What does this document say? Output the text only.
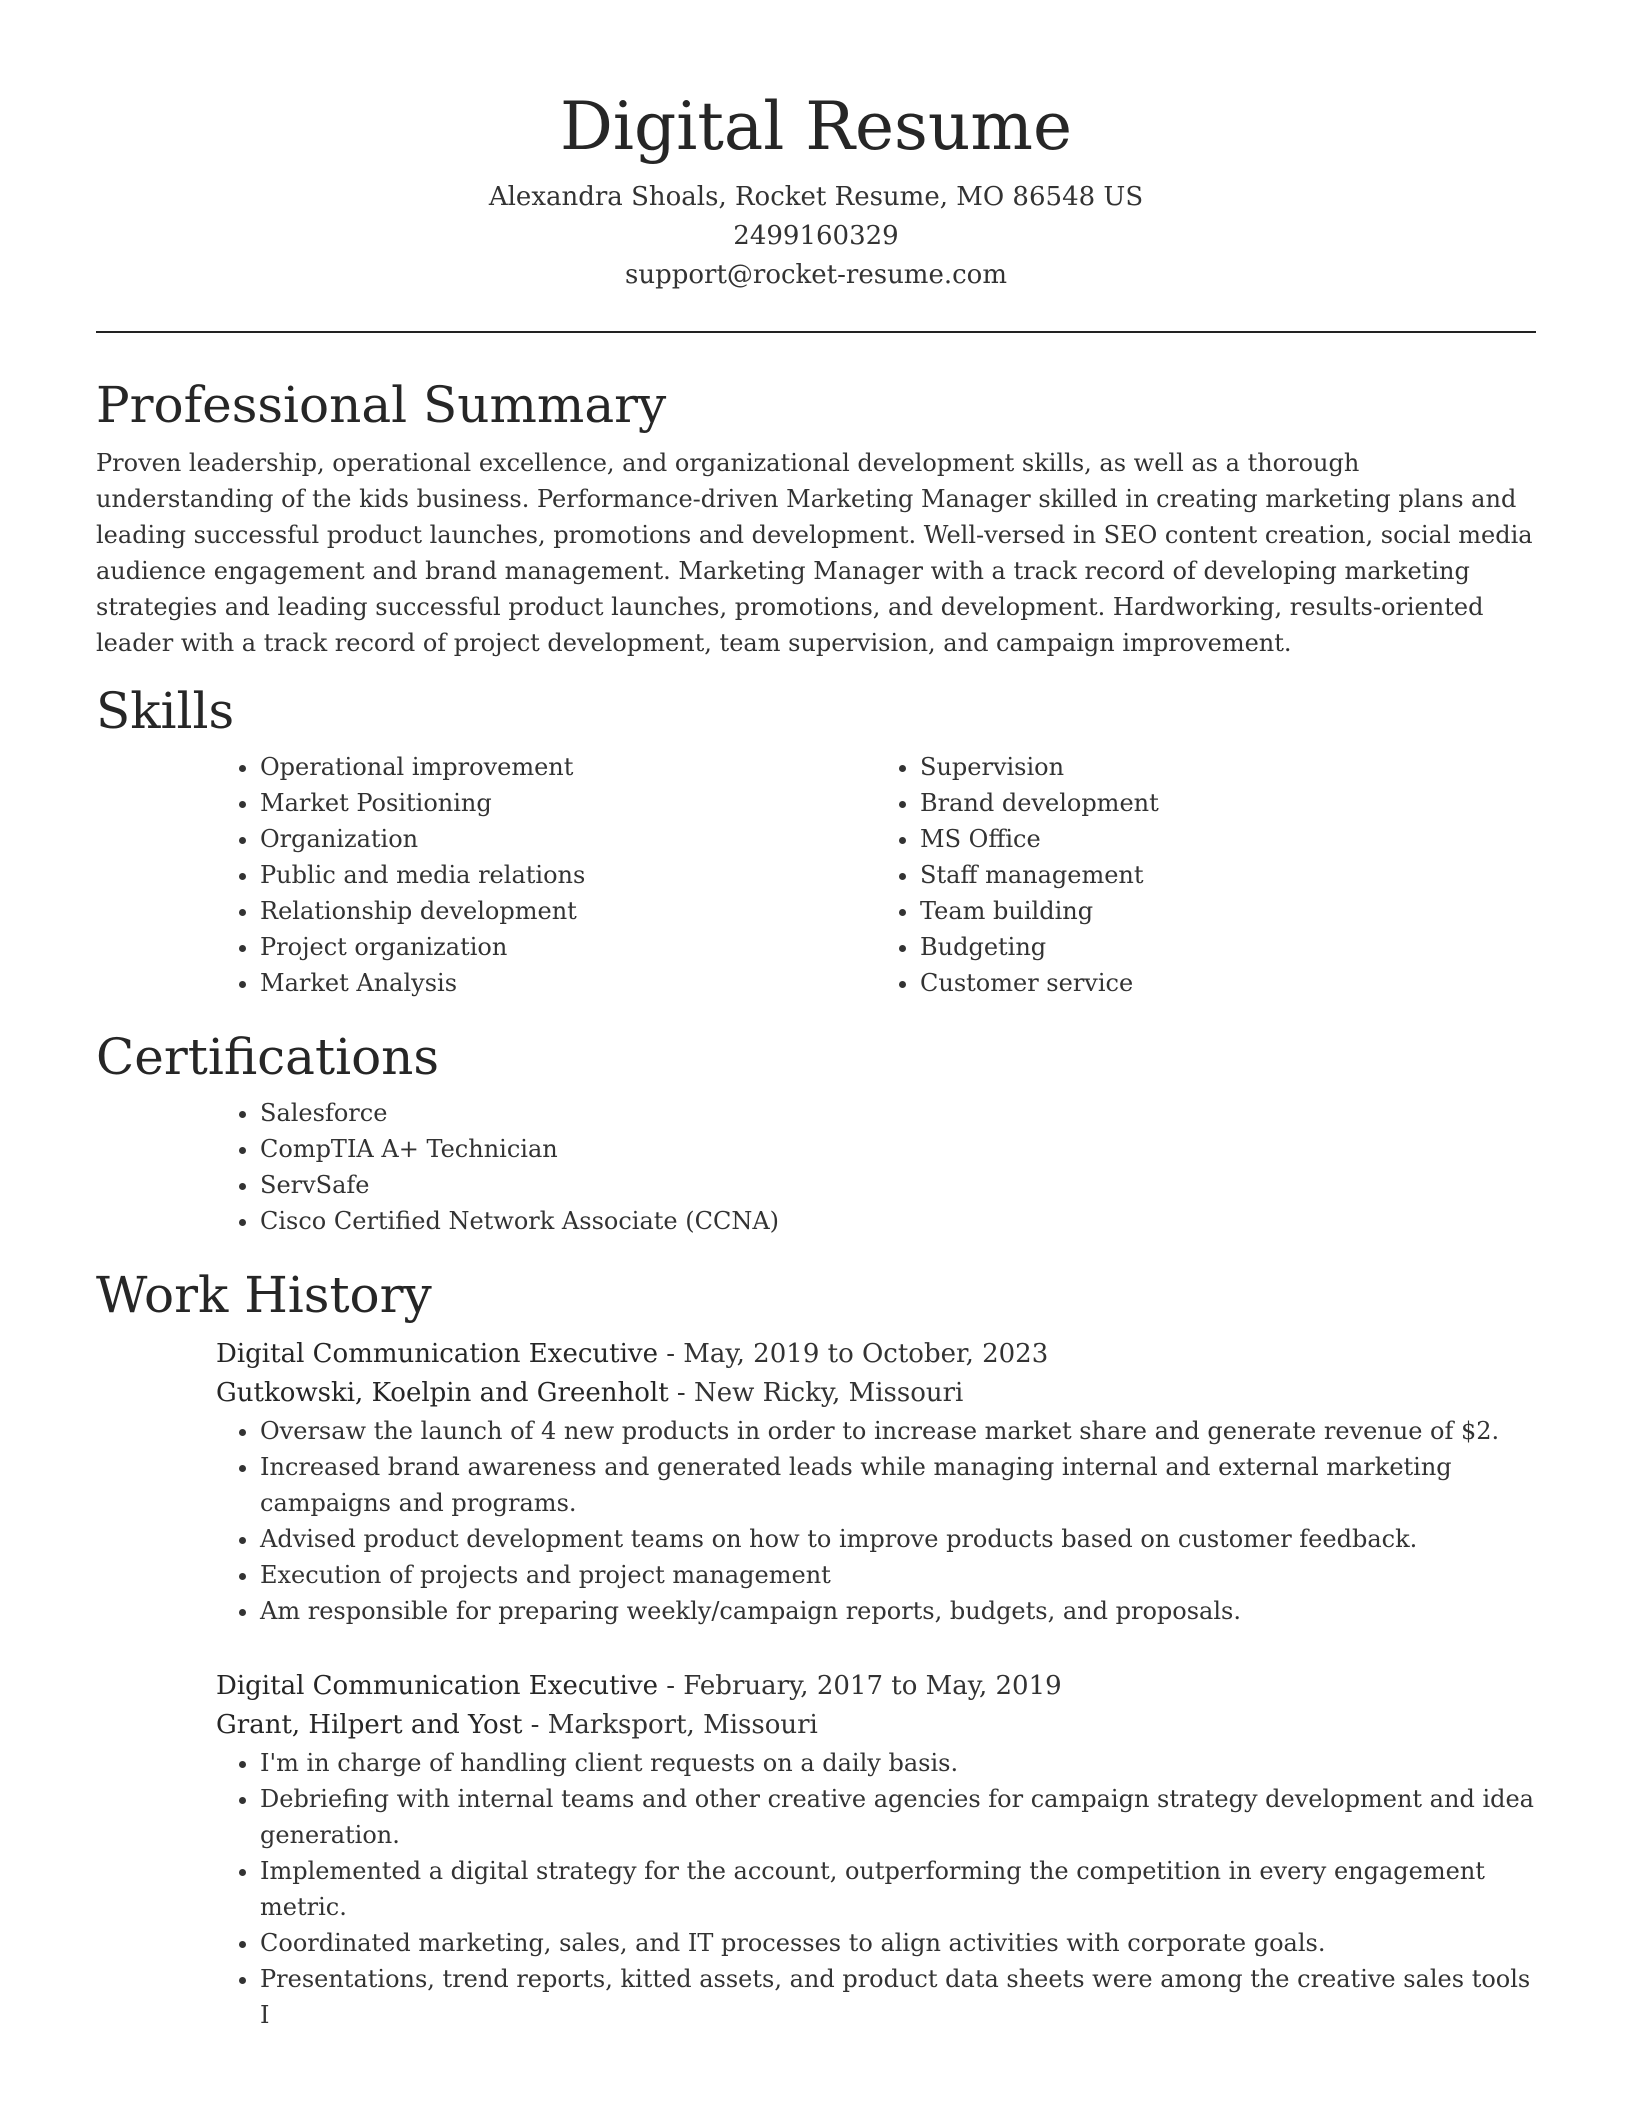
Digital Resume
Alexandra Shoals, Rocket Resume, MO 86548 US
2499160329
support@rocket-resume.com
Professional Summary

Proven leadership, operational excellence, and organizational development skills, as well as a thorough understanding of the kids business. Performance-driven Marketing Manager skilled in creating marketing plans and leading successful product launches, promotions and development. Well-versed in SEO content creation, social media audience engagement and brand management. Marketing Manager with a track record of developing marketing strategies and leading successful product launches, promotions, and development. Hardworking, results-oriented leader with a track record of project development, team supervision, and campaign improvement.

Skills
• Operational improvement
• Market Positioning
• Organization
• Public and media relations
• Relationship development
• Project organization
• Market Analysis
• Supervision
• Brand development
• MS Office
• Staff management
• Team building
• Budgeting
• Customer service
Certifications
• Salesforce
• CompTIA A+ Technician
• ServSafe
• Cisco Certified Network Associate (CCNA)
Work History
Digital Communication Executive - May, 2019 to October, 2023
Gutkowski, Koelpin and Greenholt - New Ricky, Missouri
• Oversaw the launch of 4 new products in order to increase market share and generate revenue of $2.
• Increased brand awareness and generated leads while managing internal and external marketing campaigns and programs.
• Advised product development teams on how to improve products based on customer feedback.
• Execution of projects and project management
• Am responsible for preparing weekly/campaign reports, budgets, and proposals.
Digital Communication Executive - February, 2017 to May, 2019
Grant, Hilpert and Yost - Marksport, Missouri
• I'm in charge of handling client requests on a daily basis.
• Debriefing with internal teams and other creative agencies for campaign strategy development and idea generation.
• Implemented a digital strategy for the account, outperforming the competition in every engagement metric.
• Coordinated marketing, sales, and IT processes to align activities with corporate goals.
• Presentations, trend reports, kitted assets, and product data sheets were among the creative sales tools I
